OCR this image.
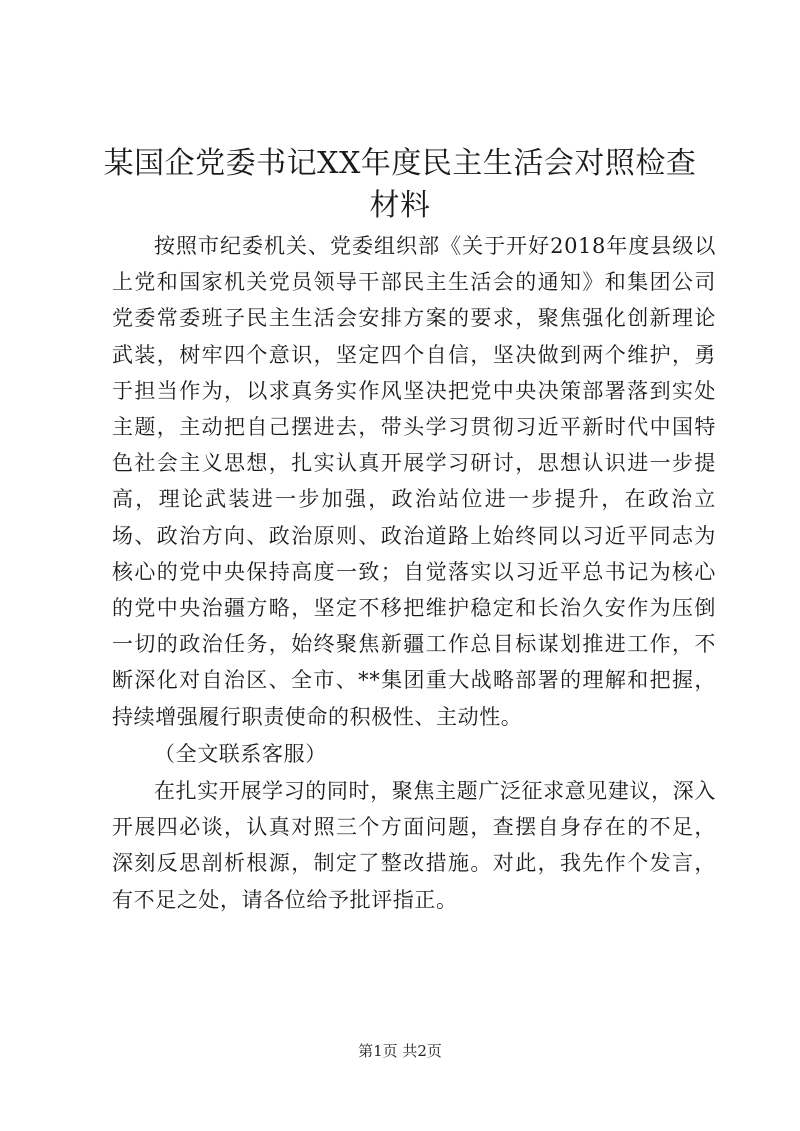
某国企党委书记XX年度民主生活会对照检查
材料

按照市纪委机关、党委组织部《关于开好2018年度县级以上党和国家机关党员领导干部民主生活会的通知》和集团公司党委常委班子民主生活会安排方案的要求，聚焦强化创新理论武装，树牢四个意识，坚定四个自信，坚决做到两个维护，勇于担当作为，以求真务实作风坚决把党中央决策部署落到实处主题，主动把自己摆进去，带头学习贯彻习近平新时代中国特色社会主义思想，扎实认真开展学习研讨，思想认识进一步提高，理论武装进一步加强，政治站位进一步提升，在政治立场、政治方向、政治原则、政治道路上始终同以习近平同志为核心的党中央保持高度一致；自觉落实以习近平总书记为核心的党中央治疆方略，坚定不移把维护稳定和长治久安作为压倒一切的政治任务，始终聚焦新疆工作总目标谋划推进工作，不断深化对自治区、全市、**集团重大战略部署的理解和把握，持续增强履行职责使命的积极性、主动性。

（全文联系客服）

在扎实开展学习的同时，聚焦主题广泛征求意见建议，深入开展四必谈，认真对照三个方面问题，查摆自身存在的不足，深刻反思剖析根源，制定了整改措施。对此，我先作个发言，有不足之处，请各位给予批评指正。

第1页 共2页
